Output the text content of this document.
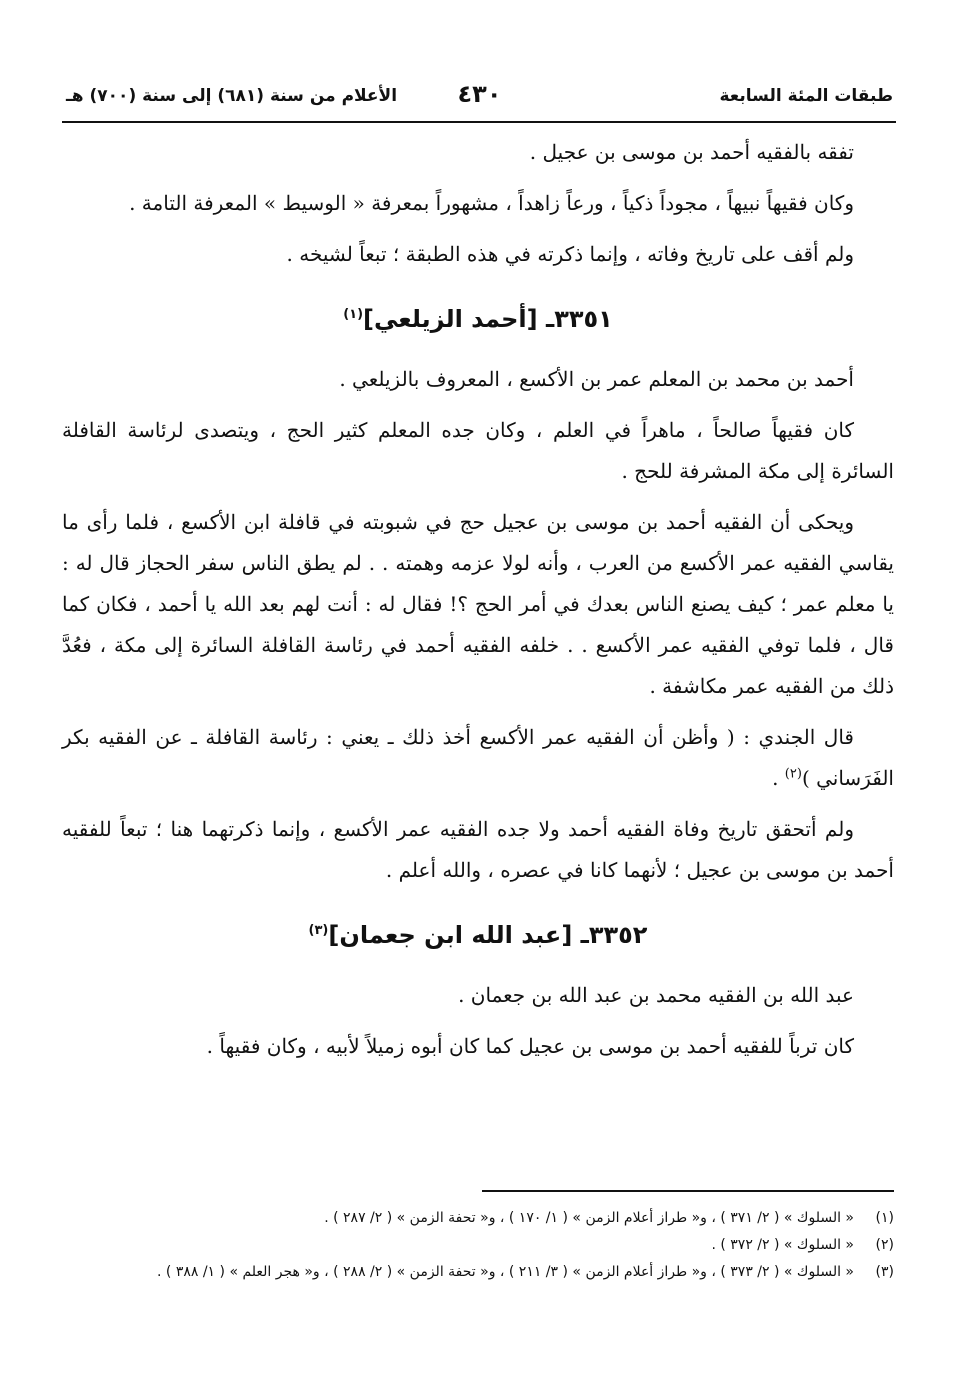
طبقات المئة السابعة
٤٣٠
الأعلام من سنة (٦٨١) إلى سنة (٧٠٠) هـ

تفقه بالفقيه أحمد بن موسى بن عجيل .

وكان فقيهاً نبيهاً ، مجوداً ذكياً ، ورعاً زاهداً ، مشهوراً بمعرفة « الوسيط » المعرفة التامة .

ولم أقف على تاريخ وفاته ، وإنما ذكرته في هذه الطبقة ؛ تبعاً لشيخه .

٣٣٥١ـ [أحمد الزيلعي]$^{(١)}$

أحمد بن محمد بن المعلم عمر بن الأكسع ، المعروف بالزيلعي .

كان فقيهاً صالحاً ، ماهراً في العلم ، وكان جده المعلم كثير الحج ، ويتصدى لرئاسة القافلة السائرة إلى مكة المشرفة للحج .

ويحكى أن الفقيه أحمد بن موسى بن عجيل حج في شبوبته في قافلة ابن الأكسع ، فلما رأى ما يقاسي الفقيه عمر الأكسع من العرب ، وأنه لولا عزمه وهمته . . لم يطق الناس سفر الحجاز قال له : يا معلم عمر ؛ كيف يصنع الناس بعدك في أمر الحج ؟! فقال له : أنت لهم بعد الله يا أحمد ، فكان كما قال ، فلما توفي الفقيه عمر الأكسع . . خلفه الفقيه أحمد في رئاسة القافلة السائرة إلى مكة ، فعُدَّ ذلك من الفقيه عمر مكاشفة .

قال الجندي : ( وأظن أن الفقيه عمر الأكسع أخذ ذلك ـ يعني : رئاسة القافلة ـ عن الفقيه بكر الفَرَساني )$^{(٢)}$ .

ولم أتحقق تاريخ وفاة الفقيه أحمد ولا جده الفقيه عمر الأكسع ، وإنما ذكرتهما هنا ؛ تبعاً للفقيه أحمد بن موسى بن عجيل ؛ لأنهما كانا في عصره ، والله أعلم .

٣٣٥٢ـ [عبد الله ابن جعمان]$^{(٣)}$

عبد الله بن الفقيه محمد بن عبد الله بن جعمان .

كان ترباً للفقيه أحمد بن موسى بن عجيل كما كان أبوه زميلاً لأبيه ، وكان فقيهاً .

(١)
« السلوك » ( ٢/ ٣٧١ ) ، و« طراز أعلام الزمن » ( ١/ ١٧٠ ) ، و« تحفة الزمن » ( ٢/ ٢٨٧ ) .
(٢)
« السلوك » ( ٢/ ٣٧٢ ) .
(٣)
« السلوك » ( ٢/ ٣٧٣ ) ، و« طراز أعلام الزمن » ( ٣/ ٢١١ ) ، و« تحفة الزمن » ( ٢/ ٢٨٨ ) ، و« هجر العلم » ( ١/ ٣٨٨ ) .
